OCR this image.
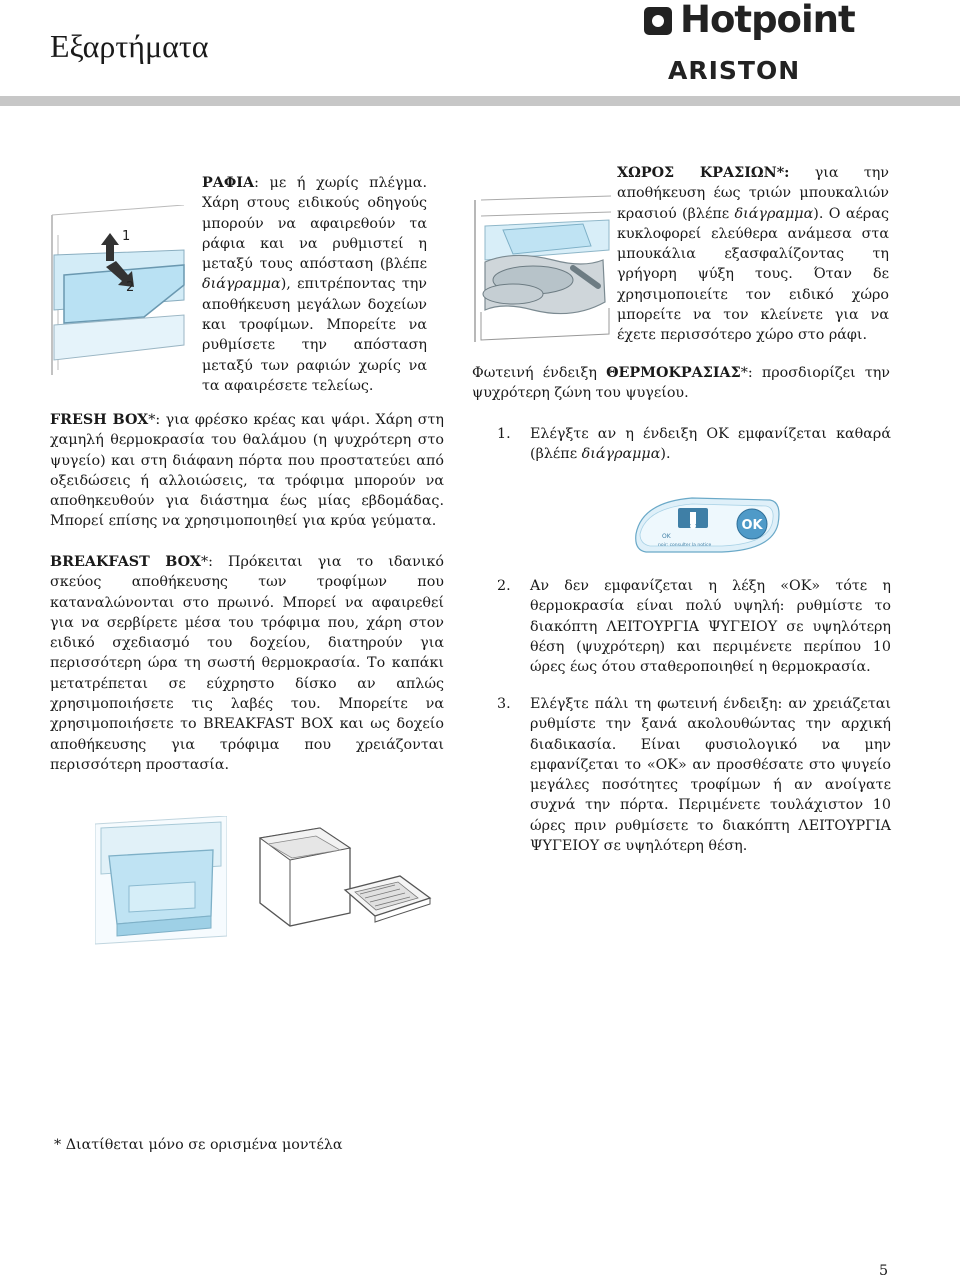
Εξαρτήματα
Hotpoint
ARISTON
1
2
ΡΑΦΙΑ: με ή χωρίς πλέγμα. Χάρη στους ειδικούς οδηγούς μπορούν να αφαιρεθούν τα ράφια και να ρυθμιστεί η μεταξύ τους απόσταση (βλέπε διάγραμμα), επιτρέποντας την αποθήκευση μεγάλων δοχείων και τροφίμων. Μπορείτε να ρυθμίσετε την απόσταση μεταξύ των ραφιών χωρίς να τα αφαιρέσετε τελείως.
FRESH BOX*: για φρέσκο κρέας και ψάρι. Χάρη στη χαμηλή θερμοκρασία του θαλάμου (η ψυχρότερη στο ψυγείο) και στη διάφανη πόρτα που προστατεύει από οξειδώσεις ή αλλοιώσεις, τα τρόφιμα μπορούν να αποθηκευθούν για διάστημα έως μίας εβδομάδας. Μπορεί επίσης να χρησιμοποιηθεί για κρύα γεύματα.
BREAKFAST BOX*: Πρόκειται για το ιδανικό σκεύος αποθήκευσης των τροφίμων που καταναλώνονται στο πρωινό. Μπορεί να αφαιρεθεί για να σερβίρετε μέσα του τρόφιμα που, χάρη στον ειδικό σχεδιασμό του δοχείου, διατηρούν για περισσότερη ώρα τη σωστή θερμοκρασία. Το καπάκι μετατρέπεται σε εύχρηστο δίσκο αν απλώς χρησιμοποιήσετε τις λαβές του. Μπορείτε να χρησιμοποιήσετε το BREAKFAST BOX και ως δοχείο αποθήκευσης για τρόφιμα που χρειάζονται περισσότερη προστασία.
ΧΩΡΟΣ ΚΡΑΣΙΩΝ*: για την αποθήκευση έως τριών μπουκαλιών κρασιού (βλέπε διάγραμμα). Ο αέρας κυκλοφορεί ελεύθερα ανάμεσα στα μπουκάλια εξασφαλίζοντας τη γρήγορη ψύξη τους. Όταν δε χρησιμοποιείτε τον ειδικό χώρο μπορείτε να τον κλείνετε για να έχετε περισσότερο χώρο στο ράφι.
Φωτεινή ένδειξη ΘΕΡΜΟΚΡΑΣΙΑΣ*: προσδιορίζει την ψυχρότερη ζώνη του ψυγείου.
1. Ελέγξτε αν η ένδειξη OK εμφανίζεται καθαρά (βλέπε διάγραμμα).
OK
OK
noir: consulter la notice
2. Αν δεν εμφανίζεται η λέξη «OK» τότε η θερμοκρασία είναι πολύ υψηλή: ρυθμίστε το διακόπτη ΛΕΙΤΟΥΡΓΙΑ ΨΥΓΕΙΟΥ σε υψηλότερη θέση (ψυχρότερη) και περιμένετε περίπου 10 ώρες έως ότου σταθεροποιηθεί η θερμοκρασία.
3. Ελέγξτε πάλι τη φωτεινή ένδειξη: αν χρειάζεται ρυθμίστε την ξανά ακολουθώντας την αρχική διαδικασία. Είναι φυσιολογικό να μην εμφανίζεται το «OK» αν προσθέσατε στο ψυγείο μεγάλες ποσότητες τροφίμων ή αν ανοίγατε συχνά την πόρτα. Περιμένετε τουλάχιστον 10 ώρες πριν ρυθμίσετε το διακόπτη ΛΕΙΤΟΥΡΓΙΑ ΨΥΓΕΙΟΥ σε υψηλότερη θέση.
* Διατίθεται μόνο σε ορισμένα μοντέλα
5
